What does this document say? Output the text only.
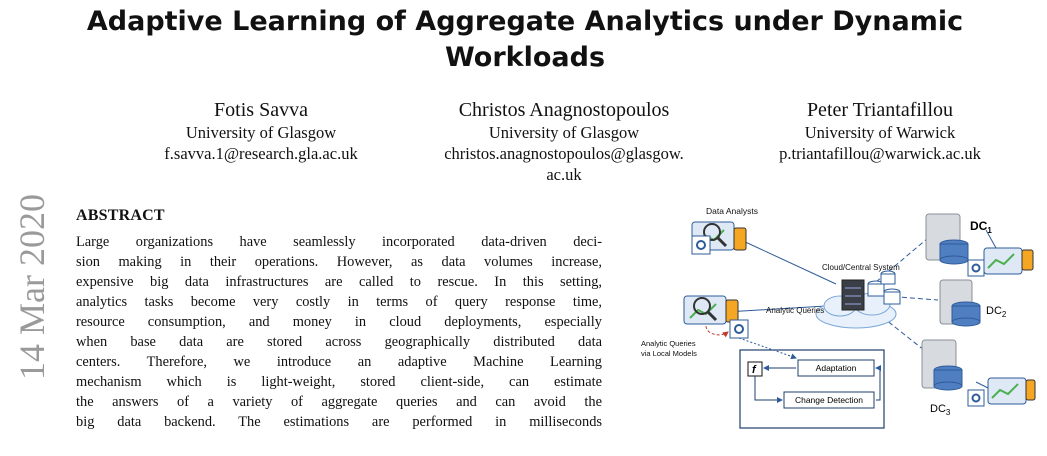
Adaptive Learning of Aggregate Analytics under Dynamic
Workloads
Fotis Savva
University of Glasgow
f.savva.1@research.gla.ac.uk
Christos Anagnostopoulos
University of Glasgow
christos.anagnostopoulos@glasgow.
ac.uk
Peter Triantafillou
University of Warwick
p.triantafillou@warwick.ac.uk
14 Mar 2020 ABSTRACT
Large organizations have seamlessly incorporated data-driven deci-
sion making in their operations. However, as data volumes increase,
expensive big data infrastructures are called to rescue. In this setting,
analytics tasks become very costly in terms of query response time,
resource consumption, and money in cloud deployments, especially
when base data are stored across geographically distributed data
centers. Therefore, we introduce an adaptive Machine Learning
mechanism which is light-weight, stored client-side, can estimate
the answers of a variety of aggregate queries and can avoid the
big data backend. The estimations are performed in milliseconds
Data Analysts
Analytic Queries
via Local Models
Cloud/Central System
Analytic Queries
f	Adaptation
Change Detection
$DC_1$
$DC_2$
$DC_3$
